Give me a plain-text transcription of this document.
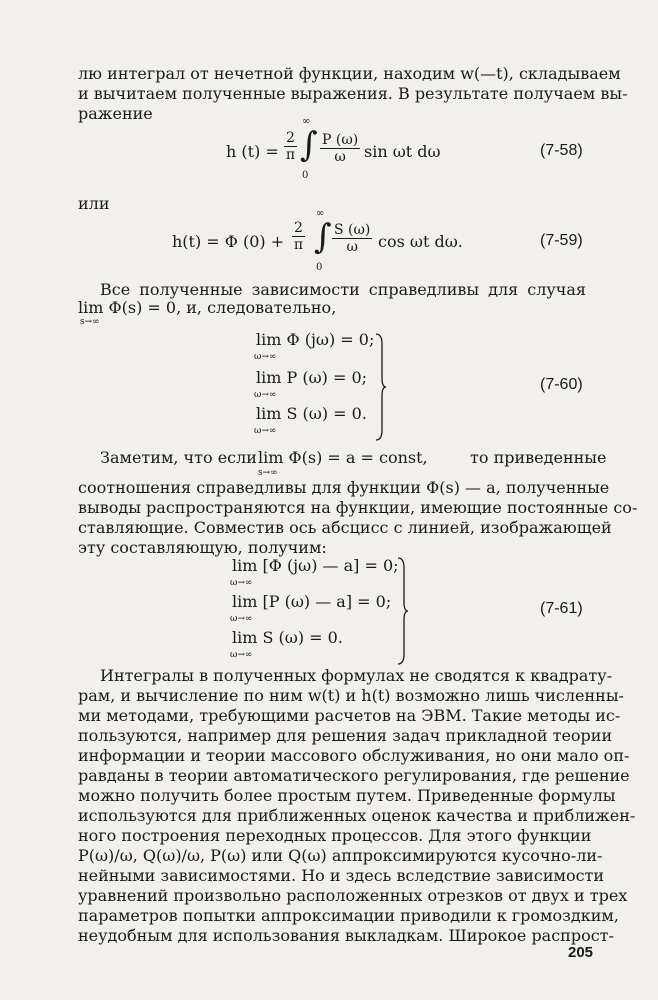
лю интеграл от нечетной функции, находим w(—t), складываем
и вычитаем полученные выражения. В результате получаем вы-
ражение
h $(t) = \frac{2}{\pi}$
∞
∫
0
$\frac{P (\omega)}{\omega}$ sin ωt dω	(7-58)
или
h(t) = Φ $(0) + \frac{2}{\pi}$
∞
∫
0
$\frac{S (\omega)}{\omega}$ cos ωt dω.	(7-59)
Все полученные зависимости справедливы для случая
lim Φ(s) = 0, и, следовательно,
s→∞
lim Φ (jω) = 0;
ω→∞
lim P (ω) = 0;
ω→∞
lim S (ω) = 0.
ω→∞
(7-60)
Заметим, что если lim Φ(s) = a = const,	то приведенные
s→∞
соотношения справедливы для функции Φ(s) — a, полученные
выводы распространяются на функции, имеющие постоянные со-
ставляющие. Совместив ось абсцисс с линией, изображающей
эту составляющую, получим:
lim [Φ (jω) — a] = 0;
ω→∞
lim [P (ω) — a] = 0;
ω→∞
lim S (ω) = 0.
ω→∞
(7-61)
Интегралы в полученных формулах не сводятся к квадрату-
рам, и вычисление по ним w(t) и h(t) возможно лишь численны-
ми методами, требующими расчетов на ЭВМ. Такие методы ис-
пользуются, например для решения задач прикладной теории
информации и теории массового обслуживания, но они мало оп-
равданы в теории автоматического регулирования, где решение
можно получить более простым путем. Приведенные формулы
используются для приближенных оценок качества и приближен-
ного построения переходных процессов. Для этого функции
P(ω)/ω, Q(ω)/ω, P(ω) или Q(ω) аппроксимируются кусочно-ли-
нейными зависимостями. Но и здесь вследствие зависимости
уравнений произвольно расположенных отрезков от двух и трех
параметров попытки аппроксимации приводили к громоздким,
неудобным для использования выкладкам. Широкое распрост-
205
